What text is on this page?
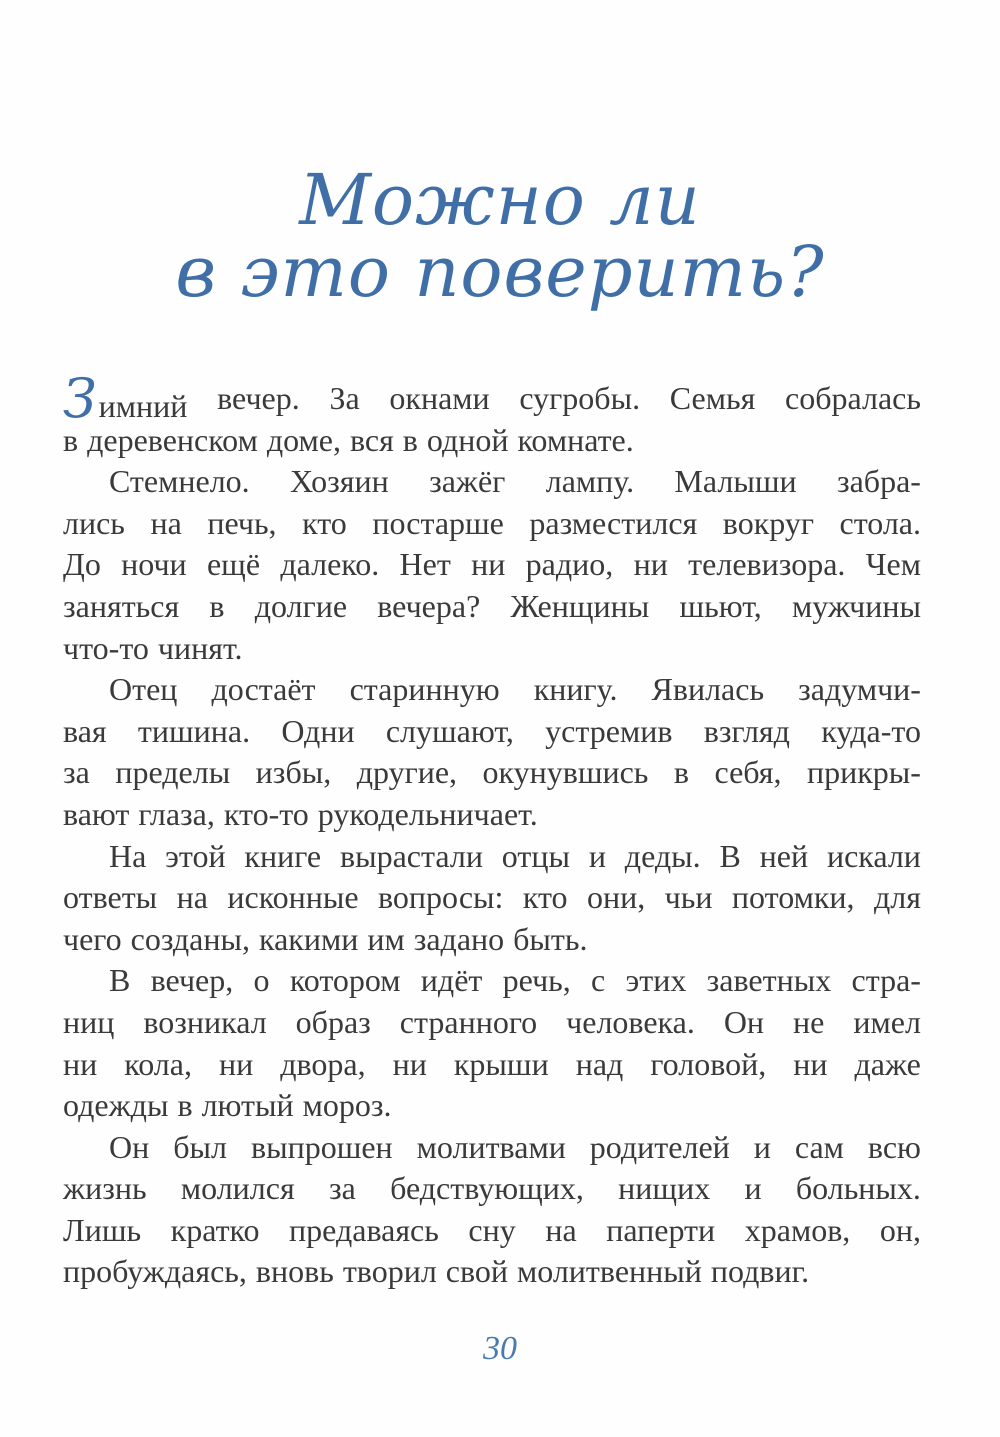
Можно ли
в это поверить?
Зимний вечер. За окнами сугробы. Семья собралась
в деревенском доме, вся в одной комнате.
Стемнело. Хозяин зажёг лампу. Малыши забра-
лись на печь, кто постарше разместился вокруг стола.
До ночи ещё далеко. Нет ни радио, ни телевизора. Чем
заняться в долгие вечера? Женщины шьют, мужчины
что-то чинят.
Отец достаёт старинную книгу. Явилась задумчи-
вая тишина. Одни слушают, устремив взгляд куда-то
за пределы избы, другие, окунувшись в себя, прикры-
вают глаза, кто-то рукодельничает.
На этой книге вырастали отцы и деды. В ней искали
ответы на исконные вопросы: кто они, чьи потомки, для
чего созданы, какими им задано быть.
В вечер, о котором идёт речь, с этих заветных стра-
ниц возникал образ странного человека. Он не имел
ни кола, ни двора, ни крыши над головой, ни даже
одежды в лютый мороз.
Он был выпрошен молитвами родителей и сам всю
жизнь молился за бедствующих, нищих и больных.
Лишь кратко предаваясь сну на паперти храмов, он,
пробуждаясь, вновь творил свой молитвенный подвиг.
30
